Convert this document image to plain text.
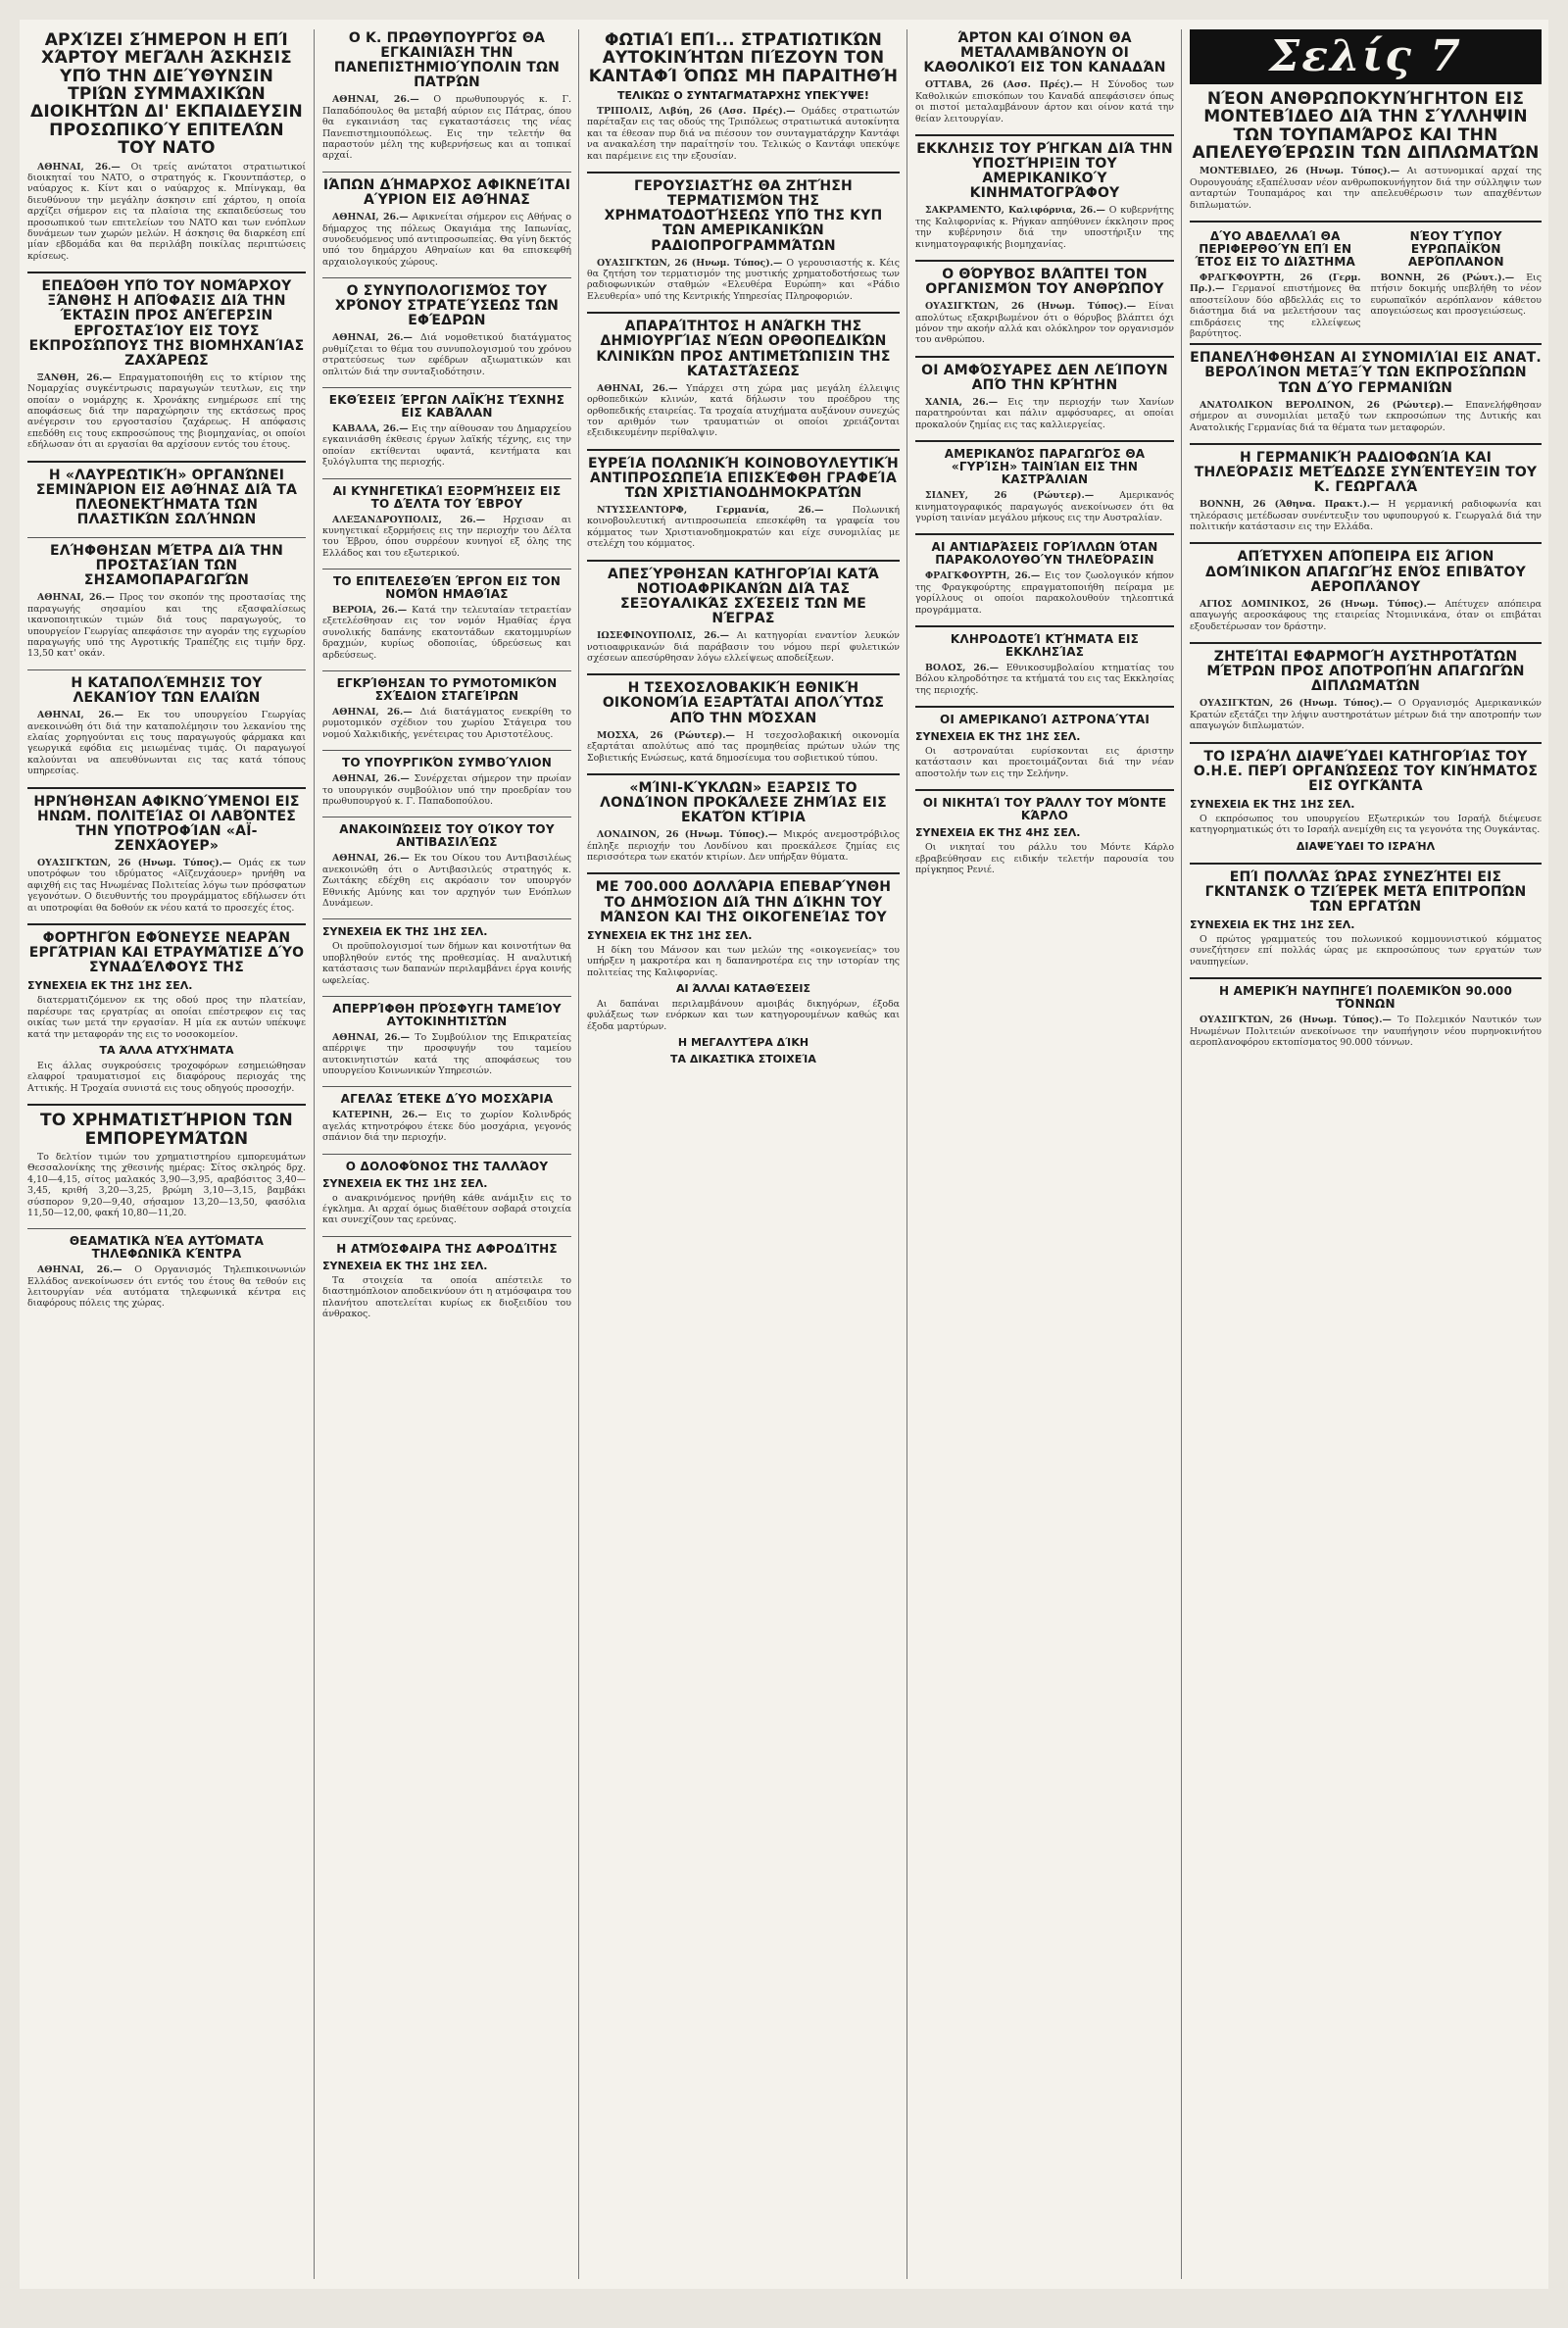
ΑΡΧΊΖΕΙ ΣΉΜΕΡΟΝ Η ΕΠΊ ΧΆΡΤΟΥ ΜΕΓΆΛΗ ΆΣΚΗΣΙΣ ΥΠΌ ΤΗΝ ΔΙΕΎΘΥΝΣΙΝ ΤΡΙΏΝ ΣΥΜΜΑΧΙΚΏΝ ΔΙΟΙΚΗΤΏΝ ΔΙ' ΕΚΠΑΙΔΕΥΣΙΝ ΠΡΟΣΩΠΙΚΟΎ ΕΠΙΤΕΛΏΝ ΤΟΥ ΝΑΤΟ

ΑΘΗΝΑΙ, 26.— Οι τρείς ανώτατοι στρατιωτικοί διοικηταί του ΝΑΤΟ, ο στρατηγός κ. Γκουντπάστερ, ο ναύαρχος κ. Κίντ και ο ναύαρχος κ. Μπίνγκαμ, θα διευθύνουν την μεγάλην άσκησιν επί χάρτου, η οποία αρχίζει σήμερον εις τα πλαίσια της εκπαιδεύσεως του προσωπικού των επιτελείων του ΝΑΤΟ και των ενόπλων δυνάμεων των χωρών μελών. Η άσκησις θα διαρκέση επί μίαν εβδομάδα και θα περιλάβη ποικίλας περιπτώσεις κρίσεως.

ΕΠΕΔΌΘΗ ΥΠΌ ΤΟΥ ΝΟΜΆΡΧΟΥ ΞΆΝΘΗΣ Η ΑΠΌΦΑΣΙΣ ΔΙΆ ΤΗΝ ΈΚΤΑΣΙΝ ΠΡΟΣ ΑΝΈΓΕΡΣΙΝ ΕΡΓΟΣΤΑΣΊΟΥ ΕΙΣ ΤΟΥΣ ΕΚΠΡΟΣΏΠΟΥΣ ΤΗΣ ΒΙΟΜΗΧΑΝΊΑΣ ΖΑΧΆΡΕΩΣ

ΞΑΝΘΗ, 26.— Επραγματοποιήθη εις το κτίριον της Νομαρχίας συγκέντρωσις παραγωγών τευτλων, εις την οποίαν ο νομάρχης κ. Χρονάκης ενημέρωσε επί της αποφάσεως διά την παραχώρησιν της εκτάσεως προς ανέγερσιν του εργοστασίου ζαχάρεως. Η απόφασις επεδόθη εις τους εκπροσώπους της βιομηχανίας, οι οποίοι εδήλωσαν ότι αι εργασίαι θα αρχίσουν εντός του έτους.

Η «ΛΑΥΡΕΩΤΙΚΉ» ΟΡΓΑΝΏΝΕΙ ΣΕΜΙΝΆΡΙΟΝ ΕΙΣ ΑΘΉΝΑΣ ΔΙΆ ΤΑ ΠΛΕΟΝΕΚΤΉΜΑΤΑ ΤΩΝ ΠΛΑΣΤΙΚΏΝ ΣΩΛΉΝΩΝ
ΕΛΉΦΘΗΣΑΝ ΜΈΤΡΑ ΔΙΆ ΤΗΝ ΠΡΟΣΤΑΣΊΑΝ ΤΩΝ ΣΗΣΑΜΟΠΑΡΑΓΩΓΏΝ

ΑΘΗΝΑΙ, 26.— Προς τον σκοπόν της προστασίας της παραγωγής σησαμίου και της εξασφαλίσεως ικανοποιητικών τιμών διά τους παραγωγούς, το υπουργείον Γεωργίας απεφάσισε την αγοράν της εγχωρίου παραγωγής υπό της Αγροτικής Τραπέζης εις τιμήν δρχ. 13,50 κατ' οκάν.

Η ΚΑΤΑΠΟΛΈΜΗΣΙΣ ΤΟΥ ΛΕΚΑΝΊΟΥ ΤΩΝ ΕΛΑΙΏΝ

ΑΘΗΝΑΙ, 26.— Εκ του υπουργείου Γεωργίας ανεκοινώθη ότι διά την καταπολέμησιν του λεκανίου της ελαίας χορηγούνται εις τους παραγωγούς φάρμακα και γεωργικά εφόδια εις μειωμένας τιμάς. Οι παραγωγοί καλούνται να απευθύνωνται εις τας κατά τόπους υπηρεσίας.

ΗΡΝΉΘΗΣΑΝ ΑΦΙΚΝΟΎΜΕΝΟΙ ΕΙΣ ΗΝΩΜ. ΠΟΛΙΤΕΊΑΣ ΟΙ ΛΑΒΌΝΤΕΣ ΤΗΝ ΥΠΟΤΡΟΦΊΑΝ «ΑΪ-ΖΕΝΧΆΟΥΕΡ»

ΟΥΑΣΙΓΚΤΩΝ, 26 (Ηνωμ. Τύπος).— Ομάς εκ των υποτρόφων του ιδρύματος «Αϊζενχάουερ» ηρνήθη να αφιχθή εις τας Ηνωμένας Πολιτείας λόγω των πρόσφατων γεγονότων. Ο διευθυντής του προγράμματος εδήλωσεν ότι αι υποτροφίαι θα δοθούν εκ νέου κατά το προσεχές έτος.

ΦΟΡΤΗΓΌΝ ΕΦΌΝΕΥΣΕ ΝΕΑΡΆΝ ΕΡΓΆΤΡΙΑΝ ΚΑΙ ΕΤΡΑΥΜΆΤΙΣΕ ΔΎΟ ΣΥΝΑΔΈΛΦΟΥΣ ΤΗΣ
ΣΥΝΕΧΕΙΑ ΕΚ ΤΗΣ 1ΗΣ ΣΕΛ.

διατερματιζόμενον εκ της οδού προς την πλατείαν, παρέσυρε τας εργατρίας αι οποίαι επέστρεφον εις τας οικίας των μετά την εργασίαν. Η μία εκ αυτών υπέκυψε κατά την μεταφοράν της εις το νοσοκομείον.

ΤΑ ΆΛΛΑ ΑΤΥΧΉΜΑΤΑ

Εις άλλας συγκρούσεις τροχοφόρων εσημειώθησαν ελαφροί τραυματισμοί εις διαφόρους περιοχάς της Αττικής. Η Τροχαία συνιστά εις τους οδηγούς προσοχήν.

ΤΟ ΧΡΗΜΑΤΙΣΤΉΡΙΟΝ ΤΩΝ ΕΜΠΟΡΕΥΜΆΤΩΝ

Το δελτίον τιμών του χρηματιστηρίου εμπορευμάτων Θεσσαλονίκης της χθεσινής ημέρας: Σίτος σκληρός δρχ. 4,10—4,15, σίτος μαλακός 3,90—3,95, αραβόσιτος 3,40—3,45, κριθή 3,20—3,25, βρώμη 3,10—3,15, βαμβάκι σύσπορον 9,20—9,40, σήσαμον 13,20—13,50, φασόλια 11,50—12,00, φακή 10,80—11,20.

ΘΕΑΜΑΤΙΚΆ ΝΈΑ ΑΥΤΌΜΑΤΑ ΤΗΛΕΦΩΝΙΚΆ ΚΈΝΤΡΑ

ΑΘΗΝΑΙ, 26.— Ο Οργανισμός Τηλεπικοινωνιών Ελλάδος ανεκοίνωσεν ότι εντός του έτους θα τεθούν εις λειτουργίαν νέα αυτόματα τηλεφωνικά κέντρα εις διαφόρους πόλεις της χώρας.

Ο Κ. ΠΡΩΘΥΠΟΥΡΓΌΣ ΘΑ ΕΓΚΑΙΝΙΆΣΗ ΤΗΝ ΠΑΝΕΠΙΣΤΗΜΙΟΎΠΟΛΙΝ ΤΩΝ ΠΑΤΡΏΝ

ΑΘΗΝΑΙ, 26.— Ο πρωθυπουργός κ. Γ. Παπαδόπουλος θα μεταβή αύριον εις Πάτρας, όπου θα εγκαινιάση τας εγκαταστάσεις της νέας Πανεπιστημιουπόλεως. Εις την τελετήν θα παραστούν μέλη της κυβερνήσεως και αι τοπικαί αρχαί.

ΙΆΠΩΝ ΔΉΜΑΡΧΟΣ ΑΦΙΚΝΕΊΤΑΙ ΑΎΡΙΟΝ ΕΙΣ ΑΘΉΝΑΣ

ΑΘΗΝΑΙ, 26.— Αφικνείται σήμερον εις Αθήνας ο δήμαρχος της πόλεως Οκαγιάμα της Ιαπωνίας, συνοδευόμενος υπό αντιπροσωπείας. Θα γίνη δεκτός υπό του δημάρχου Αθηναίων και θα επισκεφθή αρχαιολογικούς χώρους.

Ο ΣΥΝΥΠΟΛΟΓΙΣΜΌΣ ΤΟΥ ΧΡΌΝΟΥ ΣΤΡΑΤΕΎΣΕΩΣ ΤΩΝ ΕΦΈΔΡΩΝ

ΑΘΗΝΑΙ, 26.— Διά νομοθετικού διατάγματος ρυθμίζεται το θέμα του συνυπολογισμού του χρόνου στρατεύσεως των εφέδρων αξιωματικών και οπλιτών διά την συνταξιοδότησιν.

ΕΚΘΈΣΕΙΣ ΈΡΓΩΝ ΛΑΪΚΉΣ ΤΈΧΝΗΣ ΕΙΣ ΚΑΒΆΛΑΝ

ΚΑΒΑΛΑ, 26.— Εις την αίθουσαν του Δημαρχείου εγκαινιάσθη έκθεσις έργων λαϊκής τέχνης, εις την οποίαν εκτίθενται υφαντά, κεντήματα και ξυλόγλυπτα της περιοχής.

ΑΙ ΚΥΝΗΓΕΤΙΚΑΊ ΕΞΟΡΜΉΣΕΙΣ ΕΙΣ ΤΟ ΔΈΛΤΑ ΤΟΥ ΈΒΡΟΥ

ΑΛΕΞΑΝΔΡΟΥΠΟΛΙΣ, 26.— Ηρχισαν αι κυνηγετικαί εξορμήσεις εις την περιοχήν του Δέλτα του Έβρου, όπου συρρέουν κυνηγοί εξ όλης της Ελλάδος και του εξωτερικού.

ΤΟ ΕΠΙΤΕΛΕΣΘΈΝ ΈΡΓΟΝ ΕΙΣ ΤΟΝ ΝΟΜΌΝ ΗΜΑΘΊΑΣ

ΒΕΡΟΙΑ, 26.— Κατά την τελευταίαν τετραετίαν εξετελέσθησαν εις τον νομόν Ημαθίας έργα συνολικής δαπάνης εκατοντάδων εκατομμυρίων δραχμών, κυρίως οδοποιίας, ύδρεύσεως και αρδεύσεως.

ΕΓΚΡΊΘΗΣΑΝ ΤΟ ΡΥΜΟΤΟΜΙΚΌΝ ΣΧΈΔΙΟΝ ΣΤΑΓΕΊΡΩΝ

ΑΘΗΝΑΙ, 26.— Διά διατάγματος ενεκρίθη το ρυμοτομικόν σχέδιον του χωρίου Στάγειρα του νομού Χαλκιδικής, γενέτειρας του Αριστοτέλους.

ΤΟ ΥΠΟΥΡΓΙΚΌΝ ΣΥΜΒΟΎΛΙΟΝ

ΑΘΗΝΑΙ, 26.— Συνέρχεται σήμερον την πρωίαν το υπουργικόν συμβούλιον υπό την προεδρίαν του πρωθυπουργού κ. Γ. Παπαδοπούλου.

ΑΝΑΚΟΙΝΏΣΕΙΣ ΤΟΥ ΟΊΚΟΥ ΤΟΥ ΑΝΤΙΒΑΣΙΛΈΩΣ

ΑΘΗΝΑΙ, 26.— Εκ του Οίκου του Αντιβασιλέως ανεκοινώθη ότι ο Αντιβασιλεύς στρατηγός κ. Ζωιτάκης εδέχθη εις ακρόασιν τον υπουργόν Εθνικής Αμύνης και τον αρχηγόν των Ενόπλων Δυνάμεων.

ΣΥΝΕΧΕΙΑ ΕΚ ΤΗΣ 1ΗΣ ΣΕΛ.

Οι προϋπολογισμοί των δήμων και κοινοτήτων θα υποβληθούν εντός της προθεσμίας. Η αναλυτική κατάστασις των δαπανών περιλαμβάνει έργα κοινής ωφελείας.

ΑΠΕΡΡΊΦΘΗ ΠΡΌΣΦΥΓΗ ΤΑΜΕΊΟΥ ΑΥΤΟΚΙΝΗΤΙΣΤΏΝ

ΑΘΗΝΑΙ, 26.— Το Συμβούλιον της Επικρατείας απέρριψε την προσφυγήν του ταμείου αυτοκινητιστών κατά της αποφάσεως του υπουργείου Κοινωνικών Υπηρεσιών.

ΑΓΕΛΆΣ ΈΤΕΚΕ ΔΎΟ ΜΟΣΧΆΡΙΑ

ΚΑΤΕΡΙΝΗ, 26.— Εις το χωρίον Κολινδρός αγελάς κτηνοτρόφου έτεκε δύο μοσχάρια, γεγονός σπάνιον διά την περιοχήν.

Ο ΔΟΛΟΦΌΝΟΣ ΤΗΣ ΤΑΛΛΆΟΥ
ΣΥΝΕΧΕΙΑ ΕΚ ΤΗΣ 1ΗΣ ΣΕΛ.

ο ανακρινόμενος ηρνήθη κάθε ανάμιξιν εις το έγκλημα. Αι αρχαί όμως διαθέτουν σοβαρά στοιχεία και συνεχίζουν τας ερεύνας.

Η ΑΤΜΌΣΦΑΙΡΑ ΤΗΣ ΑΦΡΟΔΊΤΗΣ
ΣΥΝΕΧΕΙΑ ΕΚ ΤΗΣ 1ΗΣ ΣΕΛ.

Τα στοιχεία τα οποία απέστειλε το διαστημόπλοιον αποδεικνύουν ότι η ατμόσφαιρα του πλανήτου αποτελείται κυρίως εκ διοξειδίου του άνθρακος.

ΦΩΤΙΑΊ ΕΠΊ... ΣΤΡΑΤΙΩΤΙΚΏΝ ΑΥΤΟΚΙΝΉΤΩΝ ΠΙΈΖΟΥΝ ΤΟΝ ΚΑΝΤΑΦΊ ΌΠΩΣ ΜΗ ΠΑΡΑΙΤΗΘΉ
ΤΕΛΙΚΏΣ Ο ΣΥΝΤΑΓΜΑΤΆΡΧΗΣ ΥΠΕΚΎΨΕ!

ΤΡΙΠΟΛΙΣ, Λιβύη, 26 (Ασσ. Πρές).— Ομάδες στρατιωτών παρέταξαν εις τας οδούς της Τριπόλεως στρατιωτικά αυτοκίνητα και τα έθεσαν πυρ διά να πιέσουν τον συνταγματάρχην Καντάφι να ανακαλέση την παραίτησίν του. Τελικώς ο Καντάφι υπεκύψε και παρέμεινε εις την εξουσίαν.

ΓΕΡΟΥΣΙΑΣΤΉΣ ΘΑ ΖΗΤΉΣΗ ΤΕΡΜΑΤΙΣΜΌΝ ΤΗΣ ΧΡΗΜΑΤΟΔΟΤΉΣΕΩΣ ΥΠΌ ΤΗΣ ΚΥΠ ΤΩΝ ΑΜΕΡΙΚΑΝΙΚΏΝ ΡΑΔΙΟΠΡΟΓΡΑΜΜΆΤΩΝ

ΟΥΑΣΙΓΚΤΩΝ, 26 (Ηνωμ. Τύπος).— Ο γερουσιαστής κ. Κέις θα ζητήση τον τερματισμόν της μυστικής χρηματοδοτήσεως των ραδιοφωνικών σταθμών «Ελευθέρα Ευρώπη» και «Ράδιο Ελευθερία» υπό της Κεντρικής Υπηρεσίας Πληροφοριών.

ΑΠΑΡΑΊΤΗΤΟΣ Η ΑΝΆΓΚΗ ΤΗΣ ΔΗΜΙΟΥΡΓΊΑΣ ΝΈΩΝ ΟΡΘΟΠΕΔΙΚΏΝ ΚΛΙΝΙΚΏΝ ΠΡΟΣ ΑΝΤΙΜΕΤΏΠΙΣΙΝ ΤΗΣ ΚΑΤΑΣΤΆΣΕΩΣ

ΑΘΗΝΑΙ, 26.— Υπάρχει στη χώρα μας μεγάλη έλλειψις ορθοπεδικών κλινών, κατά δήλωσιν του προέδρου της ορθοπεδικής εταιρείας. Τα τροχαία ατυχήματα αυξάνουν συνεχώς τον αριθμόν των τραυματιών οι οποίοι χρειάζονται εξειδικευμένην περίθαλψιν.

ΕΥΡΕΊΑ ΠΟΛΩΝΙΚΉ ΚΟΙΝΟΒΟΥΛΕΥΤΙΚΉ ΑΝΤΙΠΡΟΣΩΠΕΊΑ ΕΠΙΣΚΈΦΘΗ ΓΡΑΦΕΊΑ ΤΩΝ ΧΡΙΣΤΙΑΝΟΔΗΜΟΚΡΑΤΏΝ

ΝΤΥΣΣΕΛΝΤΟΡΦ, Γερμανία, 26.—	Πολωνική κοινοβουλευτική αντιπροσωπεία επεσκέφθη τα γραφεία του κόμματος των Χριστιανοδημοκρατών και είχε συνομιλίας με στελέχη του κόμματος.

ΑΠΕΣΎΡΘΗΣΑΝ ΚΑΤΗΓΟΡΊΑΙ ΚΑΤΆ ΝΟΤΙΟΑΦΡΙΚΑΝΏΝ ΔΙΆ ΤΑΣ ΣΕΞΟΥΑΛΙΚΆΣ ΣΧΈΣΕΙΣ ΤΩΝ ΜΕ ΝΈΓΡΑΣ

ΙΩΣΕΦΙΝΟΥΠΟΛΙΣ, 26.— Αι κατηγορίαι εναντίον λευκών νοτιοαφρικανών διά παράβασιν του νόμου περί φυλετικών σχέσεων απεσύρθησαν λόγω ελλείψεως αποδείξεων.

Η ΤΣΕΧΟΣΛΟΒΑΚΙΚΉ ΕΘΝΙΚΉ ΟΙΚΟΝΟΜΊΑ ΕΞΑΡΤΆΤΑΙ ΑΠΟΛΎΤΩΣ ΑΠΌ ΤΗΝ ΜΌΣΧΑΝ

ΜΟΣΧΑ, 26 (Ρώυτερ).— Η τσεχοσλοβακική οικονομία εξαρτάται απολύτως από τας προμηθείας πρώτων υλών της Σοβιετικής Ενώσεως, κατά δημοσίευμα του σοβιετικού τύπου.

«ΜΊΝΙ-ΚΎΚΛΩΝ» ΕΞΑΡΣΙΣ ΤΟ ΛΟΝΔΊΝΟΝ ΠΡΟΚΆΛΕΣΕ ΖΗΜΊΑΣ ΕΙΣ ΕΚΑΤΌΝ ΚΤΊΡΙΑ

ΛΟΝΔΙΝΟΝ, 26 (Ηνωμ. Τύπος).— Μικρός ανεμοστρόβιλος έπληξε περιοχήν του Λονδίνου και προεκάλεσε ζημίας εις περισσότερα των εκατόν κτιρίων. Δεν υπήρξαν θύματα.

ΜΕ 700.000 ΔΟΛΛΆΡΙΑ ΕΠΕΒΑΡΎΝΘΗ ΤΟ ΔΗΜΌΣΙΟΝ ΔΙΆ ΤΗΝ ΔΊΚΗΝ ΤΟΥ ΜΆΝΣΟΝ ΚΑΙ ΤΗΣ ΟΙΚΟΓΕΝΕΊΑΣ ΤΟΥ
ΣΥΝΕΧΕΙΑ ΕΚ ΤΗΣ 1ΗΣ ΣΕΛ.

Η δίκη του Μάνσον και των μελών της «οικογενείας» του υπήρξεν η μακροτέρα και η δαπανηροτέρα εις την ιστορίαν της πολιτείας της Καλιφορνίας.

ΑΙ ΆΛΛΑΙ ΚΑΤΑΘΈΣΕΙΣ

Αι δαπάναι περιλαμβάνουν αμοιβάς δικηγόρων, έξοδα φυλάξεως των ενόρκων και των κατηγορουμένων καθώς και έξοδα μαρτύρων.

Η ΜΕΓΑΛΥΤΈΡΑ ΔΊΚΗ
ΤΑ ΔΙΚΑΣΤΙΚΆ ΣΤΟΙΧΕΊΑ
ΆΡΤΟΝ ΚΑΙ ΟΊΝΟΝ ΘΑ ΜΕΤΑΛΑΜΒΆΝΟΥΝ ΟΙ ΚΑΘΟΛΙΚΟΊ ΕΙΣ ΤΟΝ ΚΑΝΑΔΆΝ

ΟΤΤΑΒΑ, 26 (Ασσ. Πρές).— Η Σύνοδος των Καθολικών επισκόπων του Καναδά απεφάσισεν όπως οι πιστοί μεταλαμβάνουν άρτον και οίνον κατά την θείαν λειτουργίαν.

ΕΚΚΛΗΣΙΣ ΤΟΥ ΡΉΓΚΑΝ ΔΙΆ ΤΗΝ ΥΠΟΣΤΉΡΙΞΙΝ ΤΟΥ ΑΜΕΡΙΚΑΝΙΚΟΎ ΚΙΝΗΜΑΤΟΓΡΆΦΟΥ

ΣΑΚΡΑΜΕΝΤΟ, Καλιφόρνια, 26.— Ο κυβερνήτης της Καλιφορνίας κ. Ρήγκαν απηύθυνεν έκκλησιν προς την κυβέρνησιν διά την υποστήριξιν της κινηματογραφικής βιομηχανίας.

Ο ΘΌΡΥΒΟΣ ΒΛΆΠΤΕΙ ΤΟΝ ΟΡΓΑΝΙΣΜΌΝ ΤΟΥ ΑΝΘΡΏΠΟΥ

ΟΥΑΣΙΓΚΤΩΝ, 26 (Ηνωμ. Τύπος).— Είναι απολύτως εξακριβωμένον ότι ο θόρυβος βλάπτει όχι μόνον την ακοήν αλλά και ολόκληρον τον οργανισμόν του ανθρώπου.

ΟΙ ΑΜΦΌΣΥΑΡΕΣ ΔΕΝ ΛΕΊΠΟΥΝ ΑΠΌ ΤΗΝ ΚΡΉΤΗΝ

ΧΑΝΙΑ, 26.— Εις την περιοχήν των Χανίων παρατηρούνται και πάλιν αμφόσυαρες, αι οποίαι προκαλούν ζημίας εις τας καλλιεργείας.

ΑΜΕΡΙΚΑΝΌΣ ΠΑΡΑΓΩΓΌΣ ΘΑ «ΓΥΡΊΣΗ» ΤΑΙΝΊΑΝ ΕΙΣ ΤΗΝ ΚΑΣΤΡΆΛΙΑΝ

ΣΙΔΝΕΥ, 26 (Ρώυτερ).—	Αμερικανός κινηματογραφικός παραγωγός ανεκοίνωσεν ότι θα γυρίση ταινίαν μεγάλου μήκους εις την Αυστραλίαν.

ΑΙ ΑΝΤΙΔΡΆΣΕΙΣ ΓΟΡΊΛΛΩΝ ΌΤΑΝ ΠΑΡΑΚΟΛΟΥΘΟΎΝ ΤΗΛΕΌΡΑΣΙΝ

ΦΡΑΓΚΦΟΥΡΤΗ, 26.— Εις τον ζωολογικόν κήπον της Φραγκφούρτης επραγματοποιήθη πείραμα με γορίλλους οι οποίοι παρακολουθούν τηλεοπτικά προγράμματα.

ΚΛΗΡΟΔΟΤΕΊ ΚΤΉΜΑΤΑ ΕΙΣ ΕΚΚΛΗΣΊΑΣ

ΒΟΛΟΣ, 26.— Εθνικοσυμβολαίου κτηματίας του Βόλου κληροδότησε τα κτήματά του εις τας Εκκλησίας της περιοχής.

ΟΙ ΑΜΕΡΙΚΑΝΟΊ ΑΣΤΡΟΝΑΎΤΑΙ
ΣΥΝΕΧΕΙΑ ΕΚ ΤΗΣ 1ΗΣ ΣΕΛ.

Οι αστροναύται ευρίσκονται εις άριστην κατάστασιν και προετοιμάζονται διά την νέαν αποστολήν των εις την Σελήνην.

ΟΙ ΝΙΚΗΤΑΊ ΤΟΥ ΡΆΛΛΥ ΤΟΥ ΜΌΝΤΕ ΚΆΡΛΟ
ΣΥΝΕΧΕΙΑ ΕΚ ΤΗΣ 4ΗΣ ΣΕΛ.

Οι νικηταί του ράλλυ του Μόντε Κάρλο εβραβεύθησαν εις ειδικήν τελετήν παρουσία του πρίγκηπος Ρενιέ.

Σελίς 7
ΝΈΟΝ ΑΝΘΡΩΠΟΚΥΝΉΓΗΤΟΝ ΕΙΣ ΜΟΝΤΕΒΊΔΕΟ ΔΙΆ ΤΗΝ ΣΎΛΛΗΨΙΝ ΤΩΝ ΤΟΥΠΑΜΆΡΟΣ ΚΑΙ ΤΗΝ ΑΠΕΛΕΥΘΈΡΩΣΙΝ ΤΩΝ ΔΙΠΛΩΜΑΤΏΝ

ΜΟΝΤΕΒΙΔΕΟ, 26 (Ηνωμ. Τύπος).— Αι αστυνομικαί αρχαί της Ουρουγουάης εξαπέλυσαν νέον ανθρωποκυνήγητον διά την σύλληψιν των ανταρτών Τουπαμάρος και την απελευθέρωσιν των απαχθέντων διπλωματών.

ΔΎΟ ΑΒΔΕΛΛΑΊ ΘΑ ΠΕΡΙΦΕΡΘΟΎΝ ΕΠΊ ΕΝ ΈΤΟΣ ΕΙΣ ΤΟ ΔΙΆΣΤΗΜΑ

ΦΡΑΓΚΦΟΥΡΤΗ, 26 (Γερμ. Πρ.).— Γερμανοί επιστήμονες θα αποστείλουν δύο αβδελλάς εις το διάστημα διά να μελετήσουν τας επιδράσεις της ελλείψεως βαρύτητος.

ΝΈΟΥ ΤΎΠΟΥ ΕΥΡΩΠΑΪΚΌΝ ΑΕΡΌΠΛΑΝΟΝ

ΒΟΝΝΗ, 26 (Ρώυτ.).— Εις πτήσιν δοκιμής υπεβλήθη το νέον ευρωπαϊκόν αερόπλανον κάθετου απογειώσεως και προσγειώσεως.

ΕΠΑΝΕΛΉΦΘΗΣΑΝ ΑΙ ΣΥΝΟΜΙΛΊΑΙ ΕΙΣ ΑΝΑΤ. ΒΕΡΟΛΊΝΟΝ ΜΕΤΑΞΎ ΤΩΝ ΕΚΠΡΟΣΏΠΩΝ ΤΩΝ ΔΎΟ ΓΕΡΜΑΝΙΏΝ

ΑΝΑΤΟΛΙΚΟΝ ΒΕΡΟΛΙΝΟΝ, 26 (Ρώυτερ).— Επανελήφθησαν σήμερον αι συνομιλίαι μεταξύ των εκπροσώπων της Δυτικής και Ανατολικής Γερμανίας διά τα θέματα των μεταφορών.

Η ΓΕΡΜΑΝΙΚΉ ΡΑΔΙΟΦΩΝΊΑ ΚΑΙ ΤΗΛΕΌΡΑΣΙΣ ΜΕΤΈΔΩΣΕ ΣΥΝΈΝΤΕΥΞΙΝ ΤΟΥ Κ. ΓΕΩΡΓΑΛΆ

ΒΟΝΝΗ, 26 (Άθηνα. Πρακτ.).— Η γερμανική ραδιοφωνία και τηλεόρασις μετέδωσαν συνέντευξιν του υφυπουργού κ. Γεωργαλά διά την πολιτικήν κατάστασιν εις την Ελλάδα.

ΑΠΈΤΥΧΕΝ ΑΠΌΠΕΙΡΑ ΕΙΣ ΆΓΙΟΝ ΔΟΜΊΝΙΚΟΝ ΑΠΑΓΩΓΉΣ ΕΝΌΣ ΕΠΙΒΆΤΟΥ ΑΕΡΟΠΛΆΝΟΥ

ΑΓΙΟΣ ΔΟΜΙΝΙΚΟΣ, 26 (Ηνωμ. Τύπος).— Απέτυχεν απόπειρα απαγωγής αεροσκάφους της εταιρείας Ντομινικάνα, όταν οι επιβάται εξουδετέρωσαν τον δράστην.

ΖΗΤΕΊΤΑΙ ΕΦΑΡΜΟΓΉ ΑΥΣΤΗΡΟΤΆΤΩΝ ΜΈΤΡΩΝ ΠΡΟΣ ΑΠΟΤΡΟΠΉΝ ΑΠΑΓΩΓΏΝ ΔΙΠΛΩΜΑΤΏΝ

ΟΥΑΣΙΓΚΤΩΝ, 26 (Ηνωμ. Τύπος).— Ο Οργανισμός Αμερικανικών Κρατών εξετάζει την λήψιν αυστηροτάτων μέτρων διά την αποτροπήν των απαγωγών διπλωματών.

ΤΟ ΙΣΡΑΉΛ ΔΙΑΨΕΎΔΕΙ ΚΑΤΗΓΟΡΊΑΣ ΤΟΥ Ο.Η.Ε. ΠΕΡΊ ΟΡΓΑΝΏΣΕΩΣ ΤΟΥ ΚΙΝΉΜΑΤΟΣ ΕΙΣ ΟΥΓΚΆΝΤΑ
ΣΥΝΕΧΕΙΑ ΕΚ ΤΗΣ 1ΗΣ ΣΕΛ.

Ο εκπρόσωπος του υπουργείου Εξωτερικών του Ισραήλ διέψευσε κατηγορηματικώς ότι το Ισραήλ ανεμίχθη εις τα γεγονότα της Ουγκάντας.

ΔΙΑΨΕΎΔΕΙ ΤΟ ΙΣΡΑΉΛ
ΕΠΊ ΠΟΛΛΆΣ ΏΡΑΣ ΣΥΝΕΖΉΤΕΙ ΕΙΣ ΓΚΝΤΑΝΣΚ Ο ΤΖΙΈΡΕΚ ΜΕΤΆ ΕΠΙΤΡΟΠΏΝ ΤΩΝ ΕΡΓΑΤΏΝ
ΣΥΝΕΧΕΙΑ ΕΚ ΤΗΣ 1ΗΣ ΣΕΛ.

Ο πρώτος γραμματεύς του πολωνικού κομμουνιστικού κόμματος συνεζήτησεν επί πολλάς ώρας με εκπροσώπους των εργατών των ναυπηγείων.

Η ΑΜΕΡΙΚΉ ΝΑΥΠΗΓΕΊ ΠΟΛΕΜΙΚΌΝ 90.000 ΤΌΝΝΩΝ

ΟΥΑΣΙΓΚΤΩΝ, 26 (Ηνωμ. Τύπος).— Το Πολεμικόν Ναυτικόν των Ηνωμένων Πολιτειών ανεκοίνωσε την ναυπήγησιν νέου πυρηνοκινήτου αεροπλανοφόρου εκτοπίσματος 90.000 τόννων.
